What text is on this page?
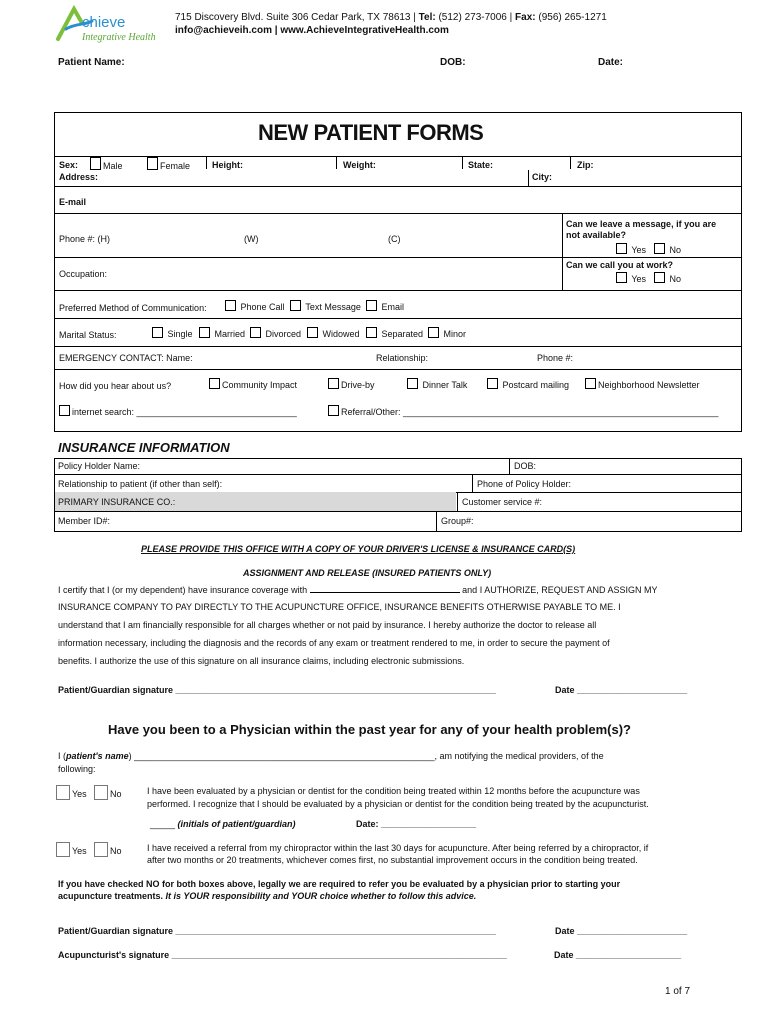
chieve
Integrative Health
715 Discovery Blvd. Suite 306 Cedar Park, TX 78613 | Tel: (512) 273-7006 | Fax: (956) 265-1271
info@achieveih.com | www.AchieveIntegrativeHealth.com
Patient Name:	DOB:	Date:
NEW PATIENT FORMS
Sex:	Male	Female Height:	Weight:	State:	Zip:
Address:	City:
E-mail
Phone #: (H)	(W)	(C)
Can we leave a message, if you are not available?
Yes	No
Can we call you at work?
Occupation:	Yes	No
Preferred Method of Communication:	Phone Call	Text Message	Email
Marital Status:	Single	Married	Divorced	Widowed	Separated	Minor
EMERGENCY CONTACT: Name:	Relationship:	Phone #:
How did you hear about us?	Community Impact	Drive-by	Dinner Talk	Postcard mailing	Neighborhood Newsletter
internet search: ________________________________	Referral/Other: _______________________________________________________________
INSURANCE INFORMATION
Policy Holder Name:	DOB:
Relationship to patient (if other than self):	Phone of Policy Holder:
PRIMARY INSURANCE CO.:	Customer service #:
Member ID#:	Group#:
PLEASE PROVIDE THIS OFFICE WITH A COPY OF YOUR DRIVER'S LICENSE & INSURANCE CARD(S)
ASSIGNMENT AND RELEASE (INSURED PATIENTS ONLY)
I certify that I (or my dependent) have insurance coverage with	and I AUTHORIZE, REQUEST AND ASSIGN MY
INSURANCE COMPANY TO PAY DIRECTLY TO THE ACUPUNCTURE OFFICE, INSURANCE BENEFITS OTHERWISE PAYABLE TO ME. I
understand that I am financially responsible for all charges whether or not paid by insurance. I hereby authorize the doctor to release all
information necessary, including the diagnosis and the records of any exam or treatment rendered to me, in order to secure the payment of
benefits. I authorize the use of this signature on all insurance claims, including electronic submissions.
Patient/Guardian signature ________________________________________________________________	Date ______________________
Have you been to a Physician within the past year for any of your health problem(s)?
I (patient's name) ____________________________________________________________, am notifying the medical providers, of the
following:
Yes	No	I have been evaluated by a physician or dentist for the condition being treated within 12 months before the acupuncture was
performed. I recognize that I should be evaluated by a physician or dentist for the condition being treated by the acupuncturist.
_____ (initials of patient/guardian)	Date: ___________________
Yes	No	I have received a referral from my chiropractor within the last 30 days for acupuncture. After being referred by a chiropractor, if
after two months or 20 treatments, whichever comes first, no substantial improvement occurs in the condition being treated.
If you have checked NO for both boxes above, legally we are required to refer you be evaluated by a physician prior to starting your
acupuncture treatments. It is YOUR responsibility and YOUR choice whether to follow this advice.
Patient/Guardian signature ________________________________________________________________	Date ______________________
Acupuncturist's signature ___________________________________________________________________	Date _____________________
1 of 7
